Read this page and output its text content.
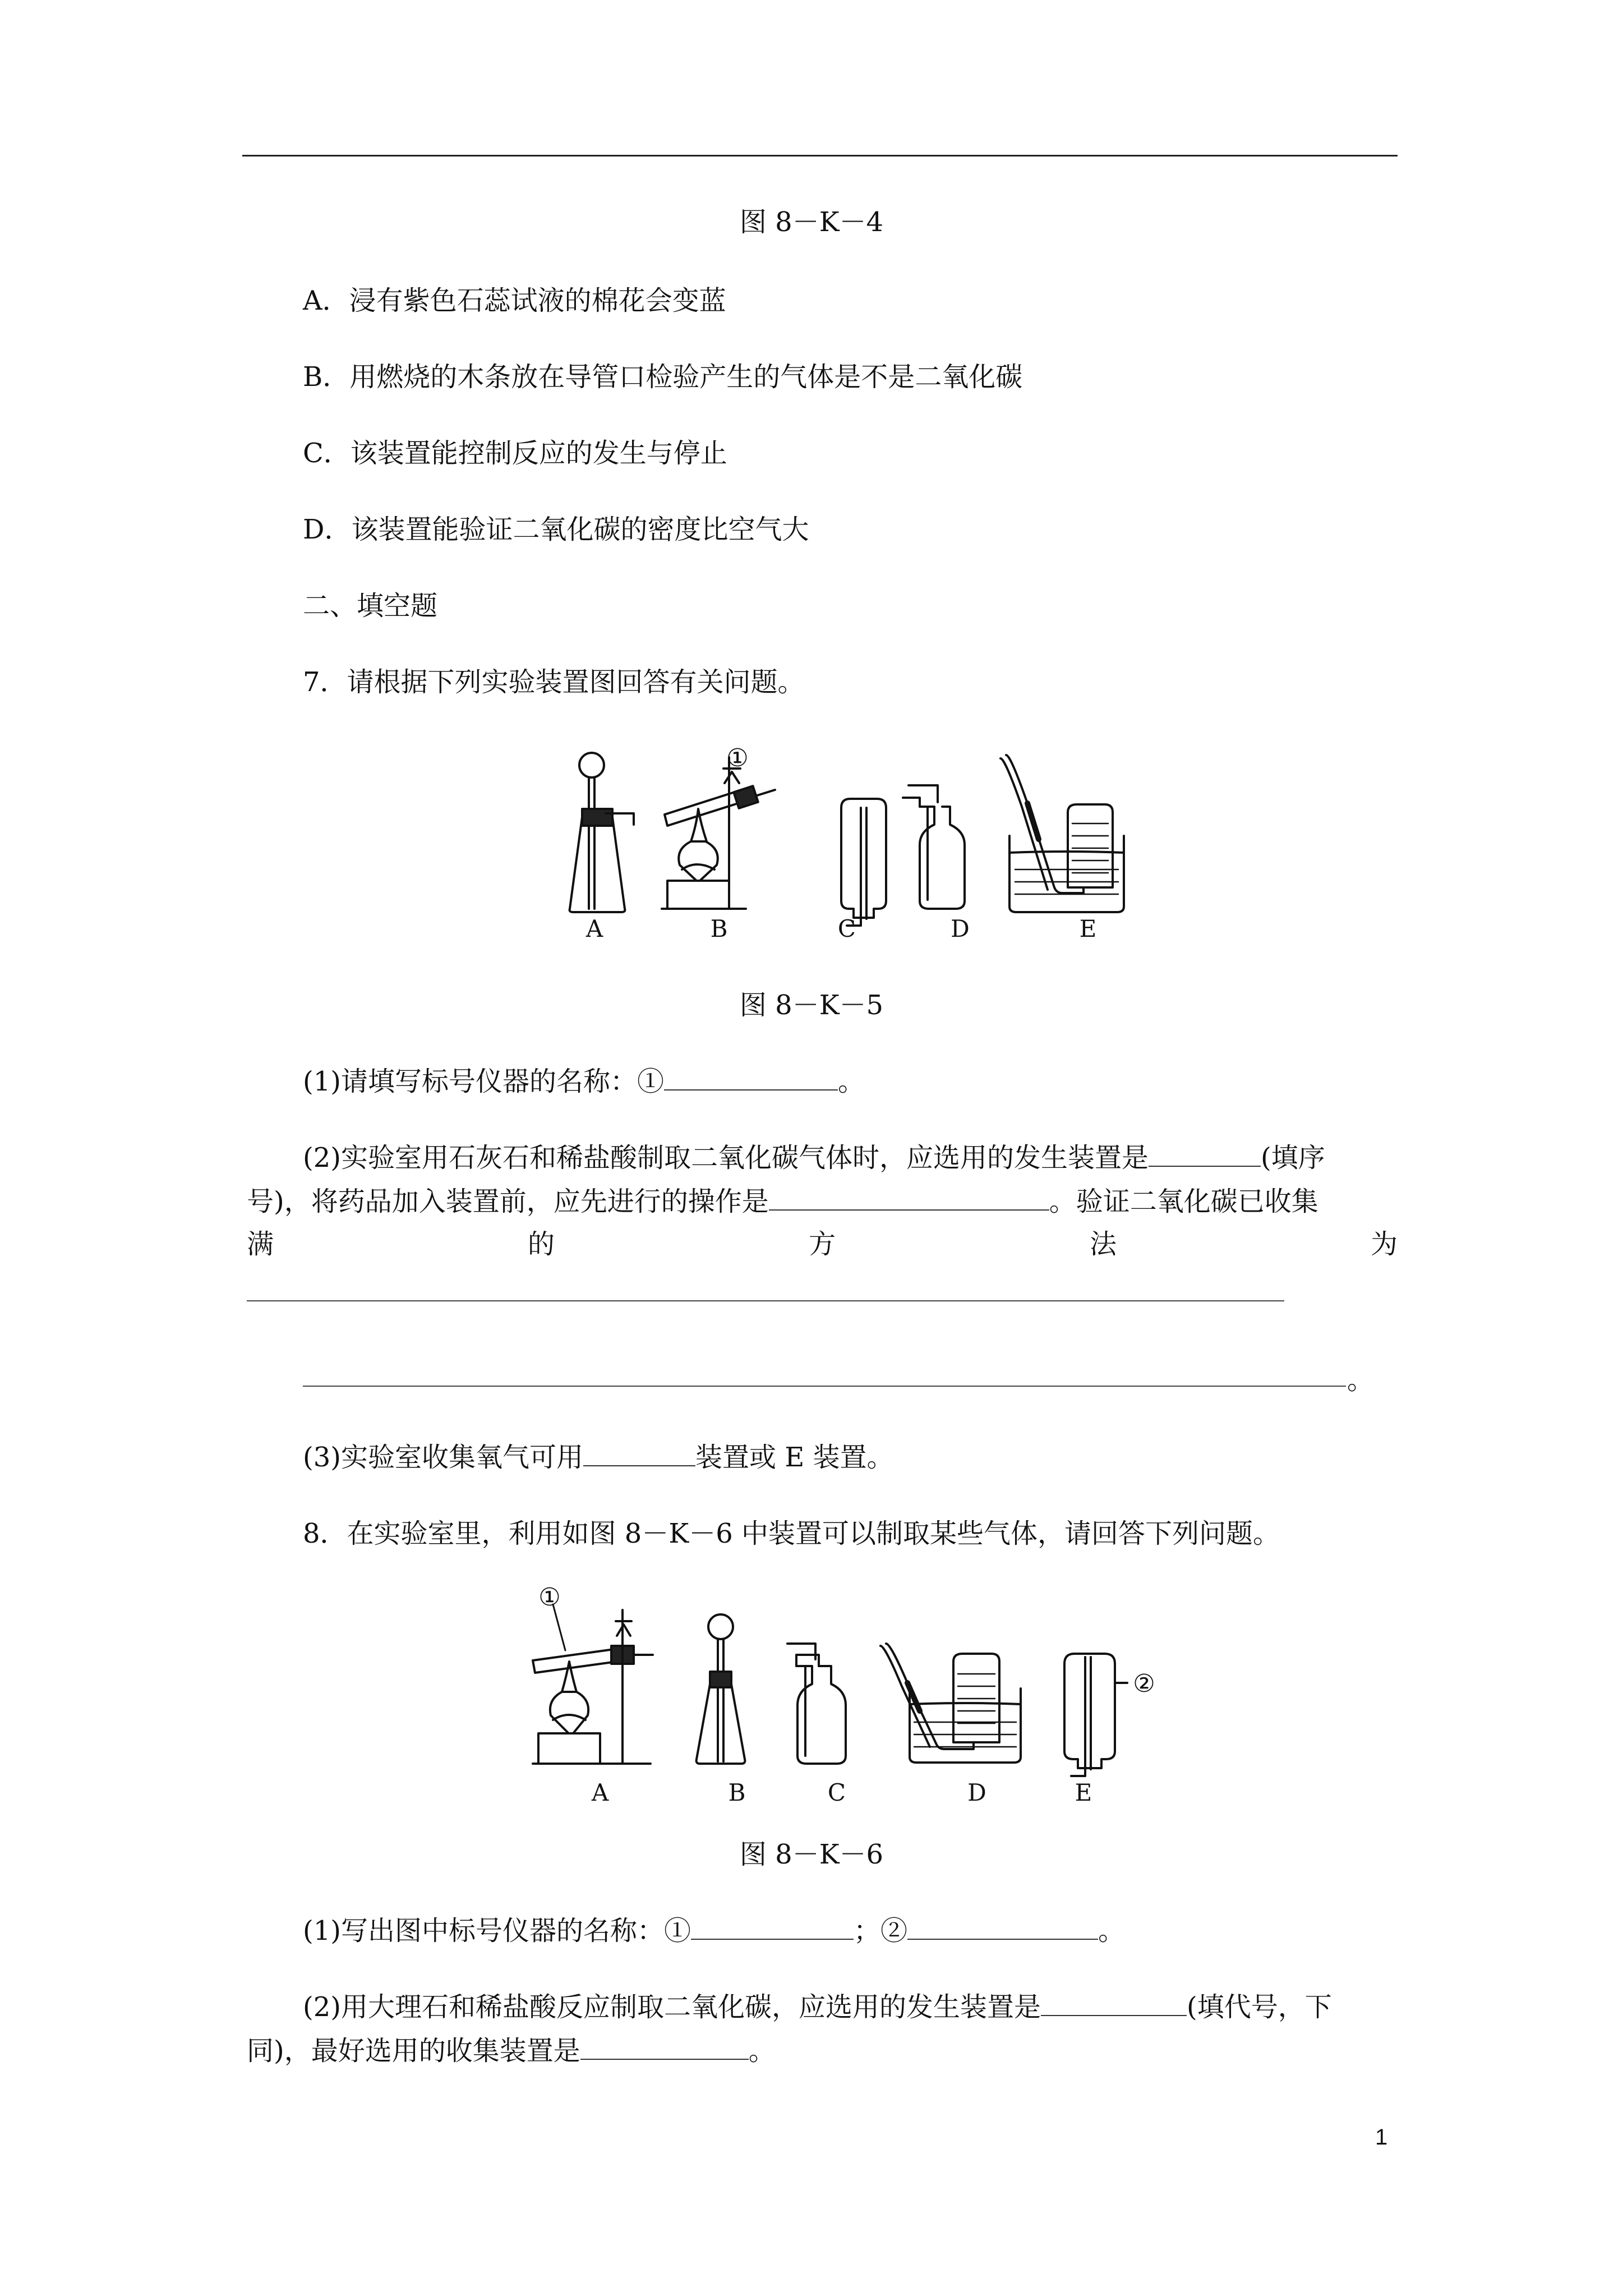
图 8－K－4
A．浸有紫色石蕊试液的棉花会变蓝
B．用燃烧的木条放在导管口检验产生的气体是不是二氧化碳
C．该装置能控制反应的发生与停止
D．该装置能验证二氧化碳的密度比空气大
二、填空题
7．请根据下列实验装置图回答有关问题。
①
A	B	C	D	E
图 8－K－5
(1)请填写标号仪器的名称：①	。
(2)实验室用石灰石和稀盐酸制取二氧化碳气体时，应选用的发生装置是	(填序
号)，将药品加入装置前，应先进行的操作是	。验证二氧化碳已收集
满	的	方	法	为
。
(3)实验室收集氧气可用	装置或 E 装置。
8．在实验室里，利用如图 8－K－6 中装置可以制取某些气体，请回答下列问题。
①
②
A	B	C	D	E
图 8－K－6
(1)写出图中标号仪器的名称：①	；②	。
(2)用大理石和稀盐酸反应制取二氧化碳，应选用的发生装置是	(填代号，下
同)，最好选用的收集装置是	。
1
